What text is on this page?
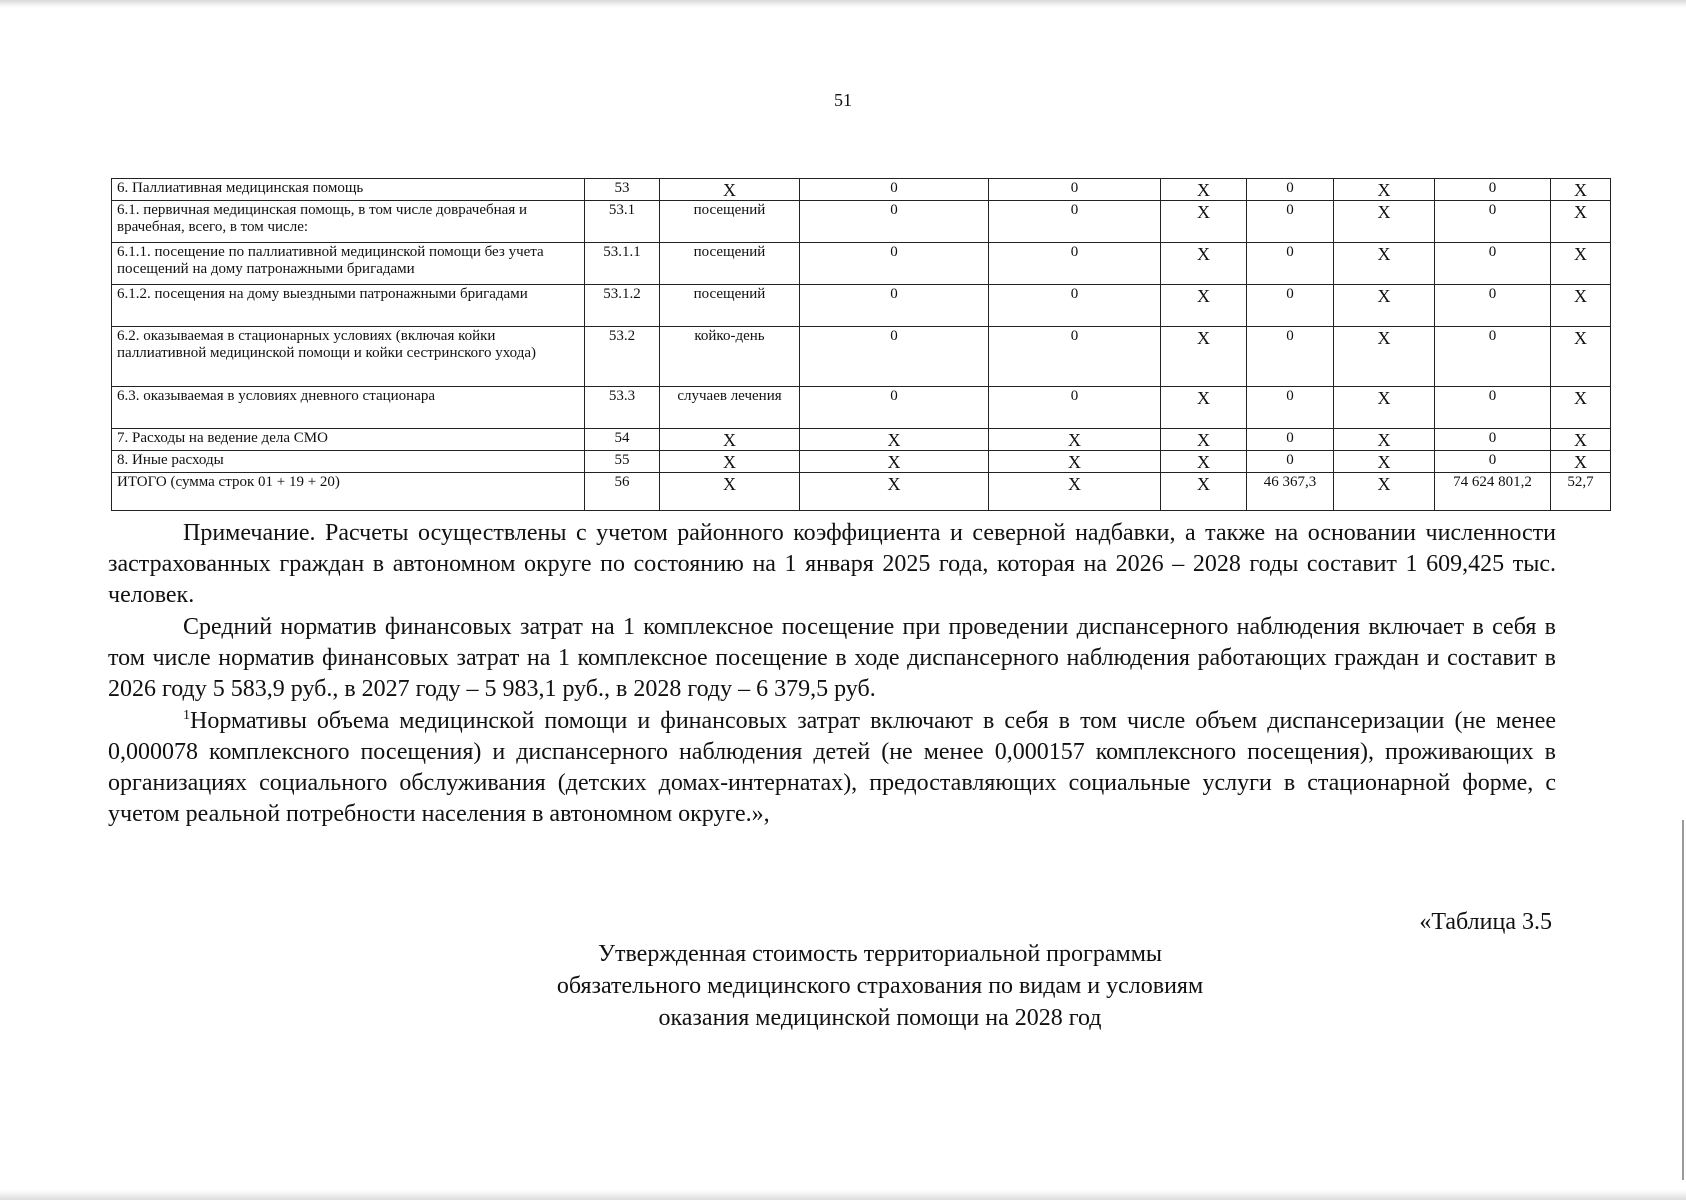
51
6. Паллиативная медицинская помощь	53	X	0	0	X	0	X	0	X
6.1. первичная медицинская помощь, в том числе доврачебная и врачебная, всего, в том числе:	53.1	посещений	0	0	X	0	X	0	X
6.1.1. посещение по паллиативной медицинской помощи без учета посещений на дому патронажными бригадами	53.1.1	посещений	0	0	X	0	X	0	X
6.1.2. посещения на дому выездными патронажными бригадами	53.1.2	посещений	0	0	X	0	X	0	X
6.2. оказываемая в стационарных условиях (включая койки паллиативной медицинской помощи и койки сестринского ухода)	53.2	койко-день	0	0	X	0	X	0	X
6.3. оказываемая в условиях дневного стационара	53.3	случаев лечения	0	0	X	0	X	0	X
7. Расходы на ведение дела СМО	54	X	X	X	X	0	X	0	X
8. Иные расходы	55	X	X	X	X	0	X	0	X
ИТОГО (сумма строк 01 + 19 + 20)	56	X	X	X	X	46 367,3	X	74 624 801,2	52,7

Примечание. Расчеты осуществлены с учетом районного коэффициента и северной надбавки, а также на основании численности застрахованных граждан в автономном округе по состоянию на 1 января 2025 года, которая на 2026 – 2028 годы составит 1 609,425 тыс. человек.

Средний норматив финансовых затрат на 1 комплексное посещение при проведении диспансерного наблюдения включает в себя в том числе норматив финансовых затрат на 1 комплексное посещение в ходе диспансерного наблюдения работающих граждан и составит в 2026 году 5 583,9 руб., в 2027 году – 5 983,1 руб., в 2028 году – 6 379,5 руб.

$^1$Нормативы объема медицинской помощи и финансовых затрат включают в себя в том числе объем диспансеризации (не менее 0,000078 комплексного посещения) и диспансерного наблюдения детей (не менее 0,000157 комплексного посещения), проживающих в организациях социального обслуживания (детских домах-интернатах), предоставляющих социальные услуги в стационарной форме, с учетом реальной потребности населения в автономном округе.»,

«Таблица 3.5
Утвержденная стоимость территориальной программы
обязательного медицинского страхования по видам и условиям
оказания медицинской помощи на 2028 год
